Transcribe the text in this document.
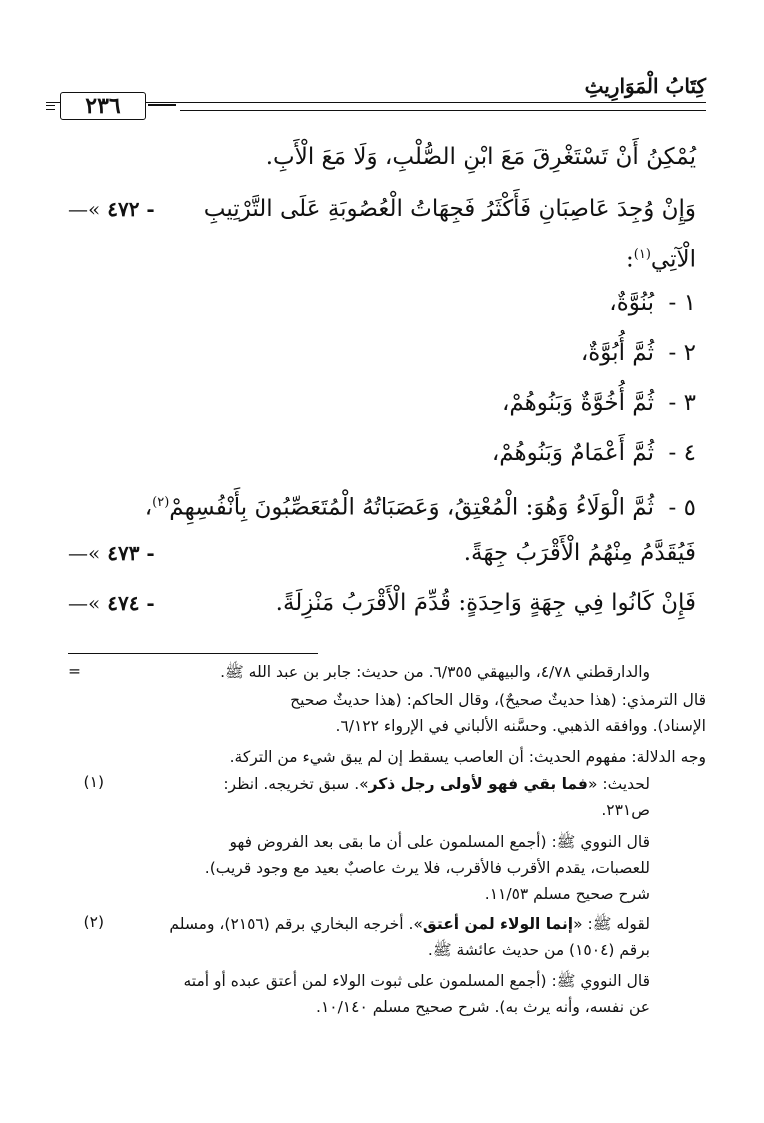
كِتَابُ الْمَوَارِيثِ
٢٣٦
يُمْكِنُ أَنْ تَسْتَغْرِقَ مَعَ ابْنِ الصُّلْبِ، وَلَا مَعَ الْأَبِ.
—« ٤٧٢ -	وَإِنْ وُجِدَ عَاصِبَانِ فَأَكْثَرُ فَجِهَاتُ الْعُصُوبَةِ عَلَى التَّرْتِيبِ
الْآتِي$^{(١)}$:
١ -بُنُوَّةٌ،
٢ -ثُمَّ أُبُوَّةٌ،
٣ -ثُمَّ أُخُوَّةٌ وَبَنُوهُمْ،
٤ -ثُمَّ أَعْمَامٌ وَبَنُوهُمْ،
٥ -ثُمَّ الْوَلَاءُ وَهُوَ: الْمُعْتِقُ، وَعَصَبَاتُهُ الْمُتَعَصِّبُونَ بِأَنْفُسِهِمْ$^{(٢)}$،
—« ٤٧٣ -	فَيُقَدَّمُ مِنْهُمُ الْأَقْرَبُ جِهَةً.
—« ٤٧٤ -	فَإِنْ كَانُوا فِي جِهَةٍ وَاحِدَةٍ: قُدِّمَ الْأَقْرَبُ مَنْزِلَةً.
=	والدارقطني ٤/٧٨، والبيهقي ٦/٣٥٥. من حديث: جابر بن عبد الله ﷺ.
قال الترمذي: (هذا حديثٌ صحيحٌ)، وقال الحاكم: (هذا حديثٌ صحيح
الإسناد). ووافقه الذهبي. وحسَّنه الألباني في الإرواء ٦/١٢٢.
وجه الدلالة: مفهوم الحديث: أن العاصب يسقط إن لم يبق شيء من التركة.
(١)	لحديث: «فما بقي فهو لأولى رجل ذكر». سبق تخريجه. انظر:
ص٢٣١.
قال النووي ﷺ: (أجمع المسلمون على أن ما بقى بعد الفروض فهو
للعصبات، يقدم الأقرب فالأقرب، فلا يرث عاصبٌ بعيد مع وجود قريب).
شرح صحيح مسلم ١١/٥٣.
(٢)	لقوله ﷺ: «إنما الولاء لمن أعتق». أخرجه البخاري برقم (٢١٥٦)، ومسلم
برقم (١٥٠٤) من حديث عائشة ﷺ.
قال النووي ﷺ: (أجمع المسلمون على ثبوت الولاء لمن أعتق عبده أو أمته
عن نفسه، وأنه يرث به). شرح صحيح مسلم ١٠/١٤٠.
